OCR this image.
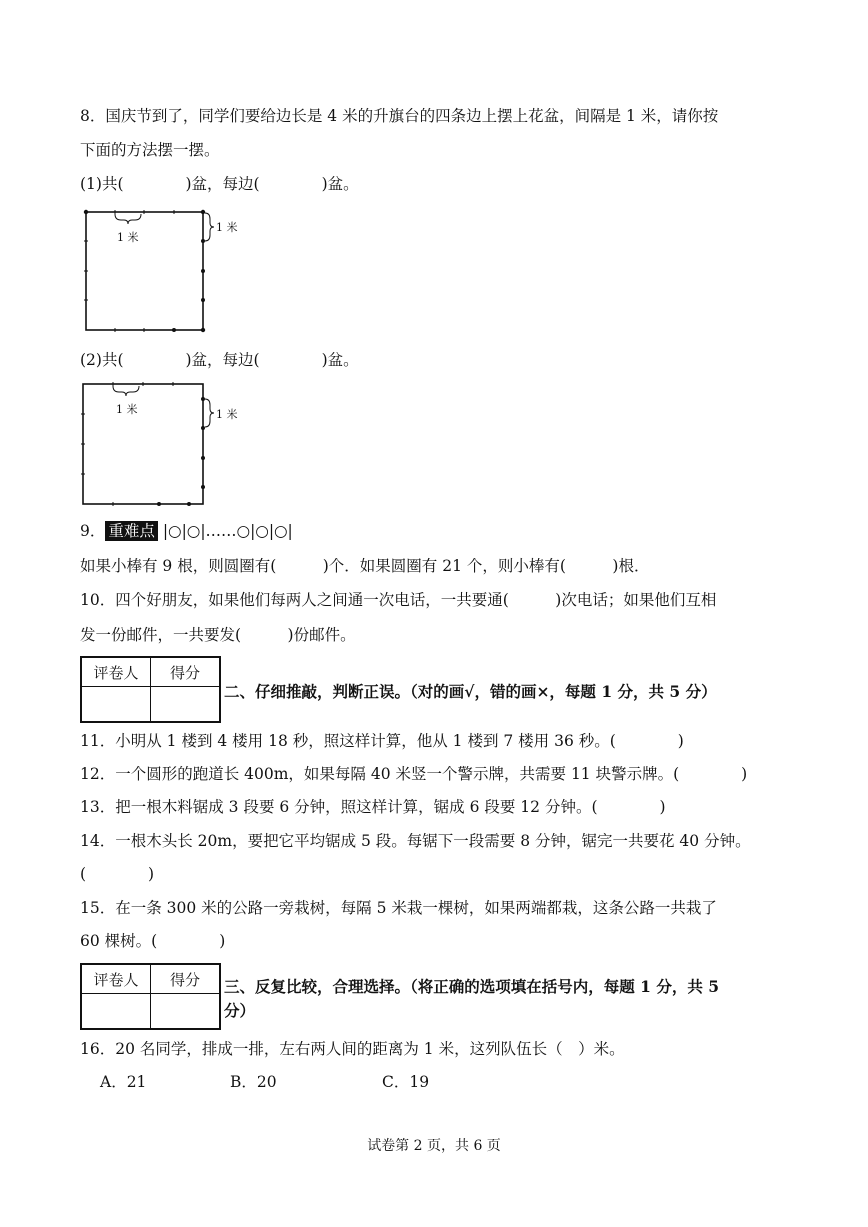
8．国庆节到了，同学们要给边长是 4 米的升旗台的四条边上摆上花盆，间隔是 1 米，请你按
下面的方法摆一摆。
(1)共(　　　　)盆，每边(　　　　)盆。
1 米
1 米
(2)共(　　　　)盆，每边(　　　　)盆。
1 米	1 米
9． 重难点 |○|○|……○|○|○|
如果小棒有 9 根，则圆圈有(　　　)个．如果圆圈有 21 个，则小棒有(　　　)根．
10．四个好朋友，如果他们每两人之间通一次电话，一共要通(　　　)次电话；如果他们互相
发一份邮件，一共要发(　　　)份邮件。
评卷人	得分

二、仔细推敲，判断正误。（对的画√，错的画×，每题 1 分，共 5 分）
11．小明从 1 楼到 4 楼用 18 秒，照这样计算，他从 1 楼到 7 楼用 36 秒。(　　　　)
12．一个圆形的跑道长 400m，如果每隔 40 米竖一个警示牌，共需要 11 块警示牌。(　　　　)
13．把一根木料锯成 3 段要 6 分钟，照这样计算，锯成 6 段要 12 分钟。(　　　　)
14．一根木头长 20m，要把它平均锯成 5 段。每锯下一段需要 8 分钟，锯完一共要花 40 分钟。
(　　　　)
15．在一条 300 米的公路一旁栽树，每隔 5 米栽一棵树，如果两端都栽，这条公路一共栽了
60 棵树。(　　　　)
评卷人	得分
	三、反复比较，合理选择。（将正确的选项填在括号内，每题 1 分，共 5
分）
16．20 名同学，排成一排，左右两人间的距离为 1 米，这列队伍长（　）米。
A．21	B．20	C．19
试卷第 2 页，共 6 页
